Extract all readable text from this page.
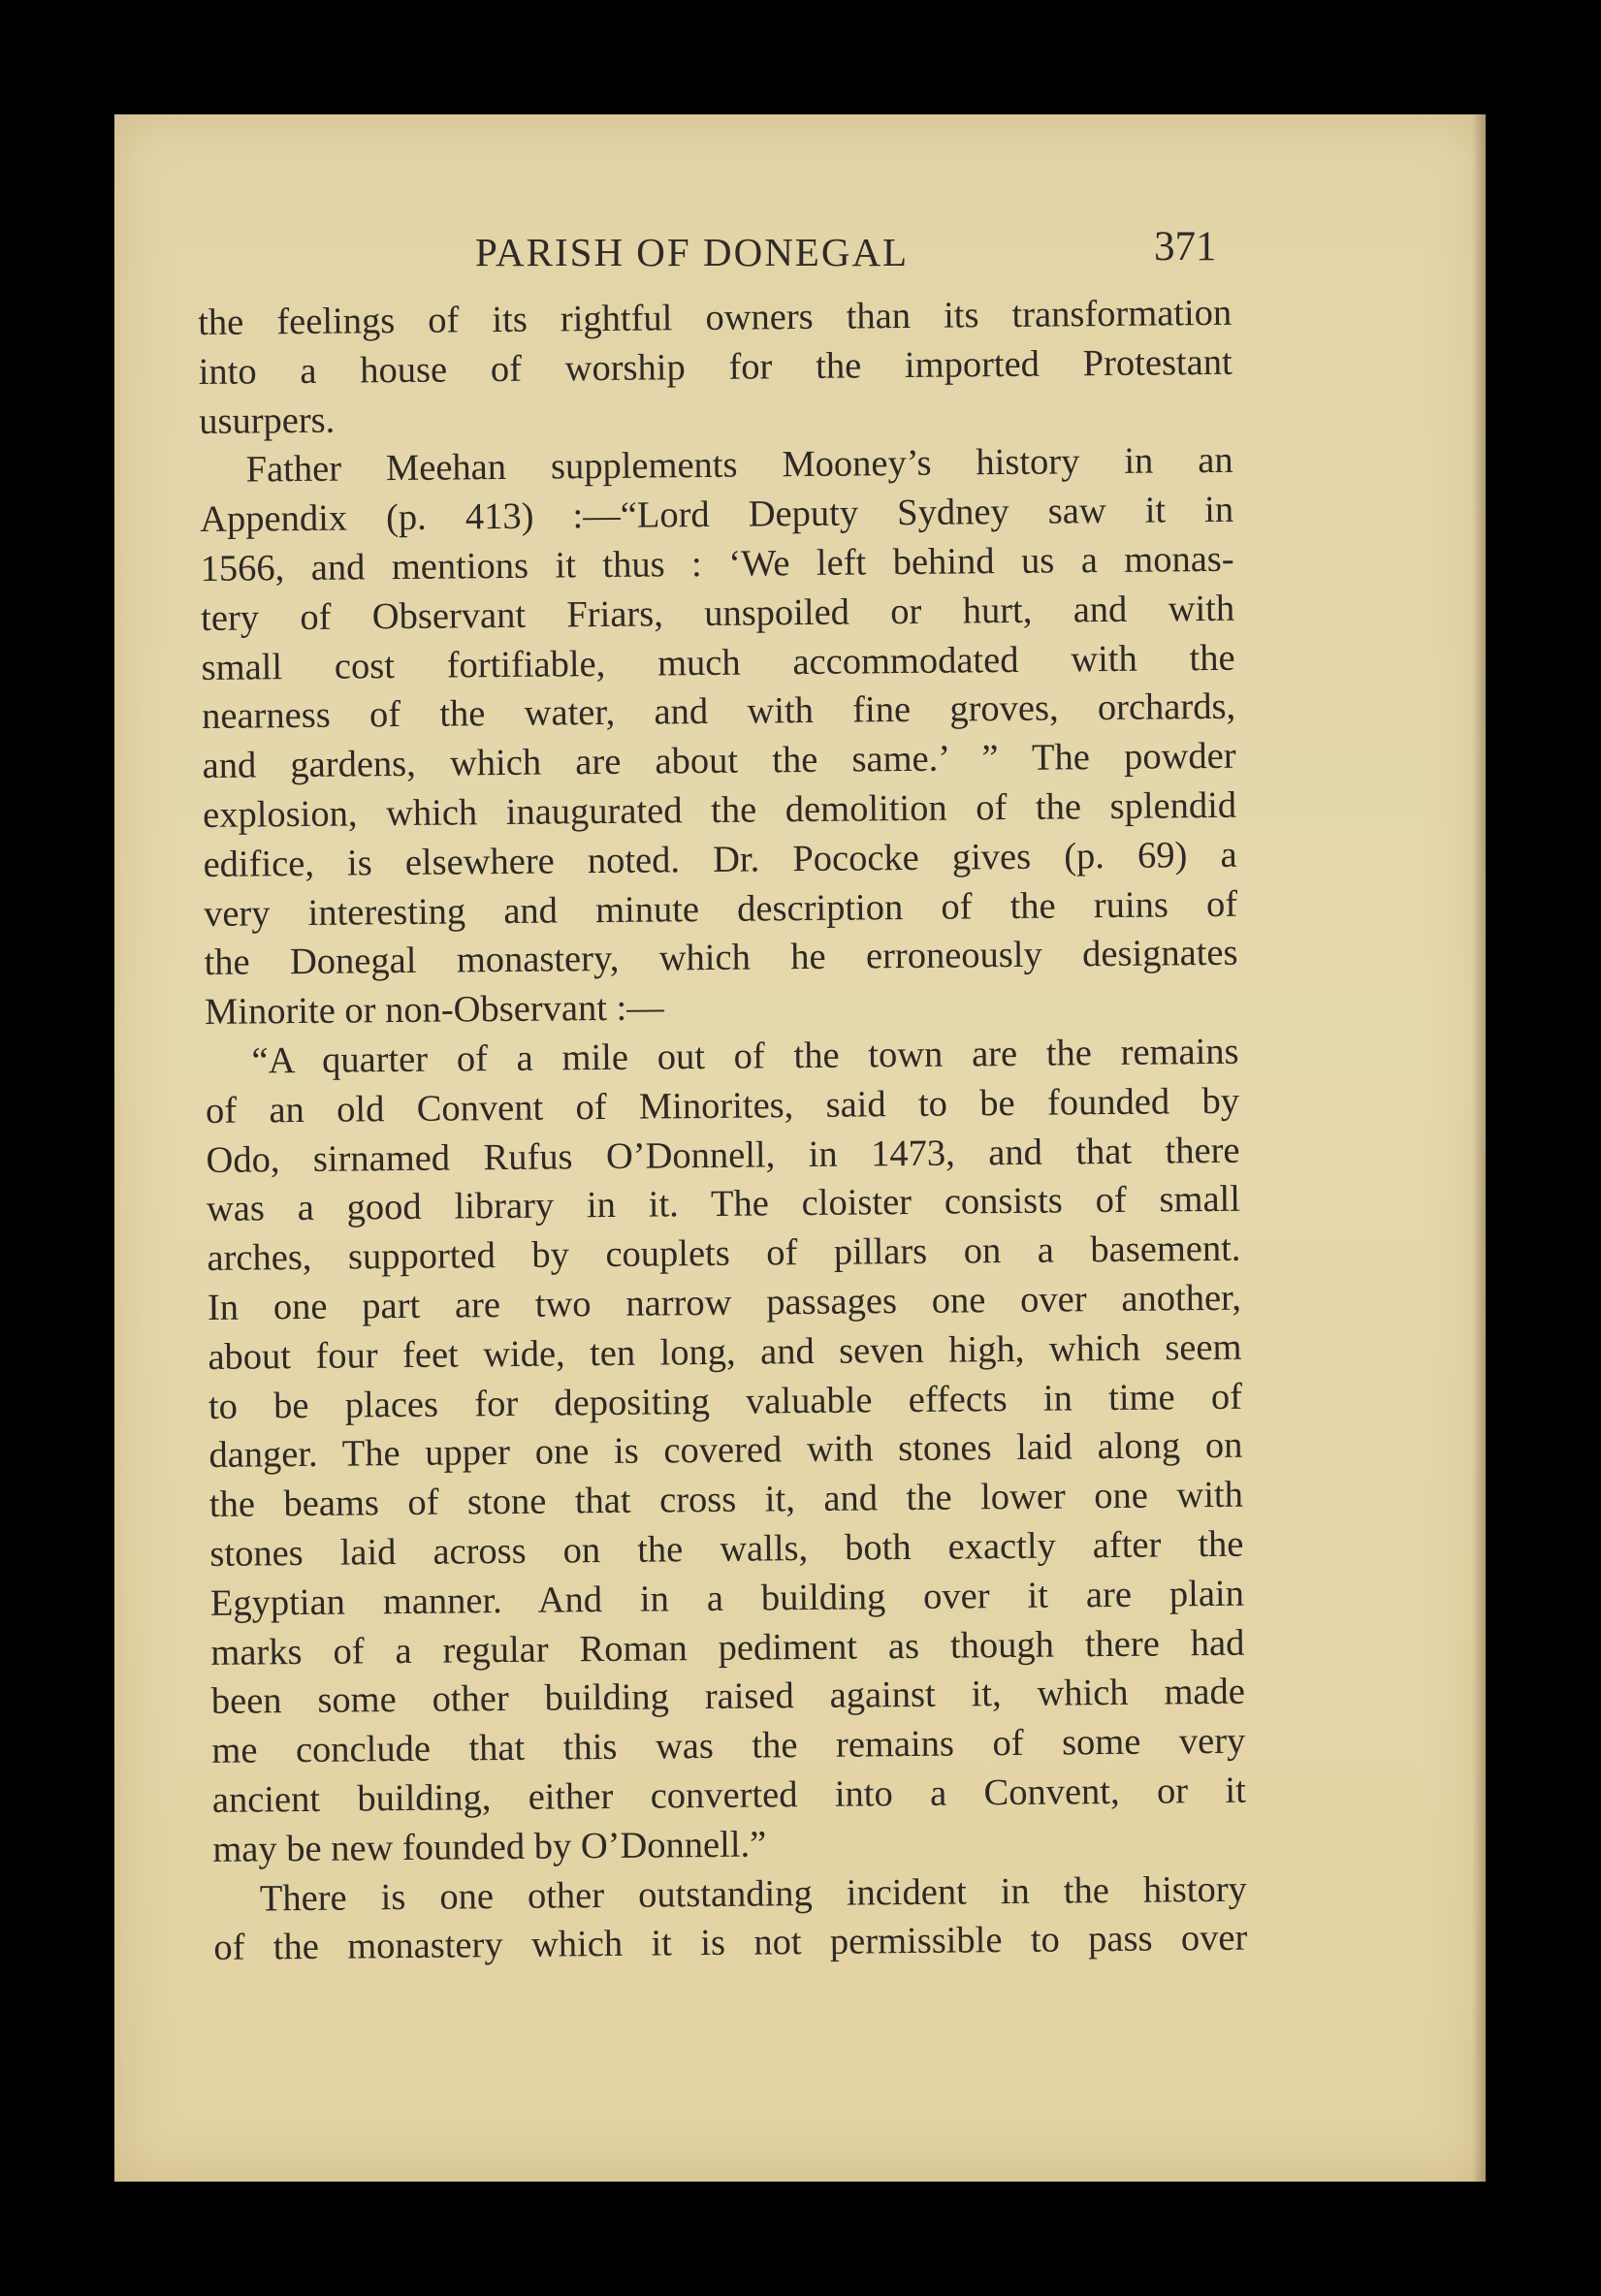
PARISH OF DONEGAL	371
the feelings of its rightful owners than its transformation
into a house of worship for the imported Protestant
usurpers.
Father Meehan supplements Mooney’s history in an
Appendix (p. 413) :—“Lord Deputy Sydney saw it in
1566, and mentions it thus : ‘We left behind us a monas-
tery of Observant Friars, unspoiled or hurt, and with
small cost fortifiable, much accommodated with the
nearness of the water, and with fine groves, orchards,
and gardens, which are about the same.’ ” The powder
explosion, which inaugurated the demolition of the splendid
edifice, is elsewhere noted. Dr. Pococke gives (p. 69) a
very interesting and minute description of the ruins of
the Donegal monastery, which he erroneously designates
Minorite or non-Observant :—
“A quarter of a mile out of the town are the remains
of an old Convent of Minorites, said to be founded by
Odo, sirnamed Rufus O’Donnell, in 1473, and that there
was a good library in it. The cloister consists of small
arches, supported by couplets of pillars on a basement.
In one part are two narrow passages one over another,
about four feet wide, ten long, and seven high, which seem
to be places for depositing valuable effects in time of
danger. The upper one is covered with stones laid along on
the beams of stone that cross it, and the lower one with
stones laid across on the walls, both exactly after the
Egyptian manner. And in a building over it are plain
marks of a regular Roman pediment as though there had
been some other building raised against it, which made
me conclude that this was the remains of some very
ancient building, either converted into a Convent, or it
may be new founded by O’Donnell.”
There is one other outstanding incident in the history
of the monastery which it is not permissible to pass over
